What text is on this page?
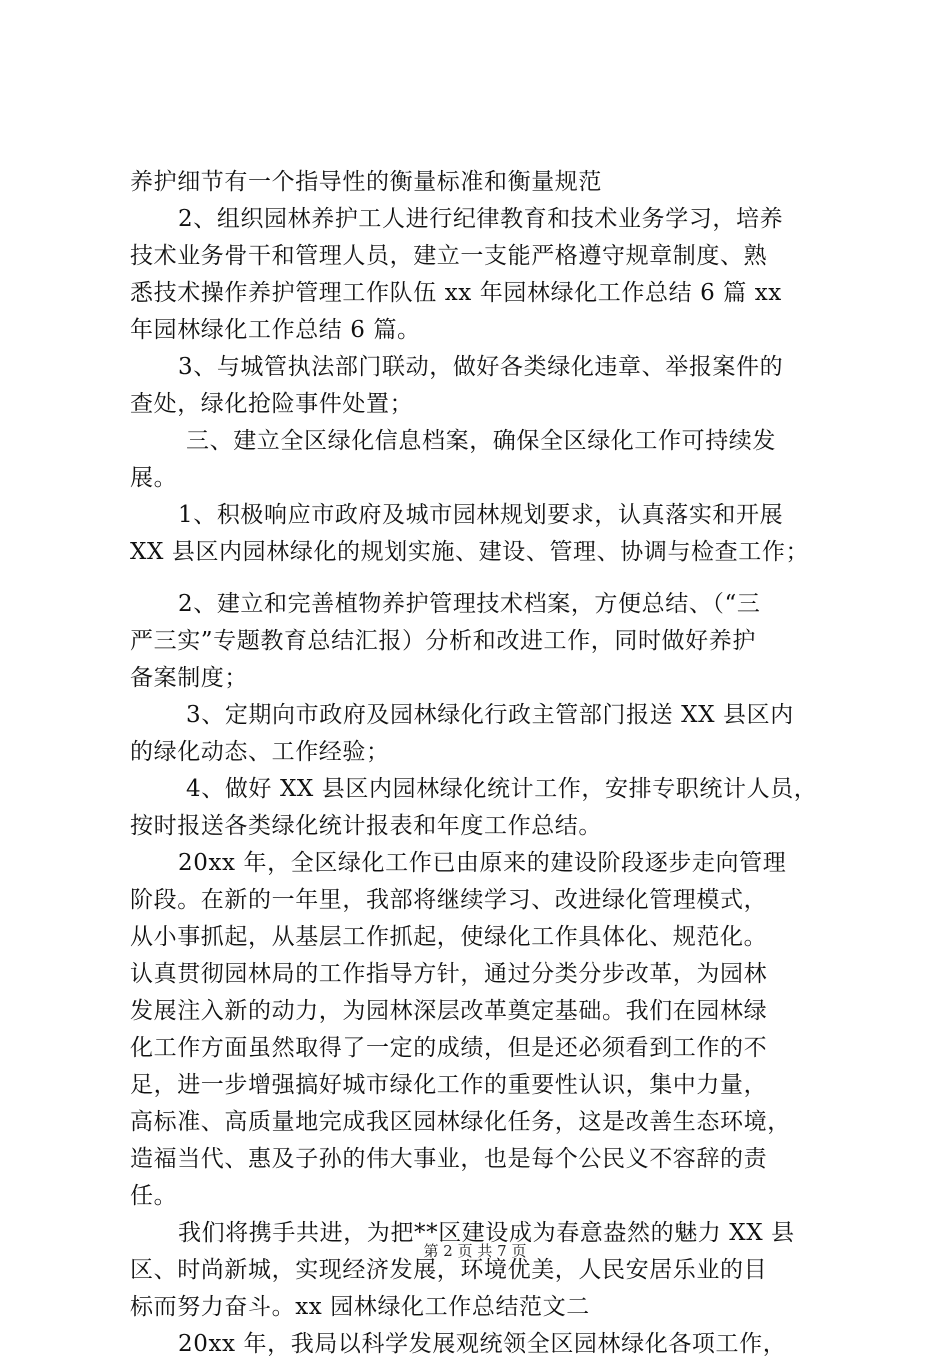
养护细节有一个指导性的衡量标准和衡量规范
2、组织园林养护工人进行纪律教育和技术业务学习，培养
技术业务骨干和管理人员，建立一支能严格遵守规章制度、熟
悉技术操作养护管理工作队伍 xx 年园林绿化工作总结 6 篇 xx
年园林绿化工作总结 6 篇。
3、与城管执法部门联动，做好各类绿化违章、举报案件的
查处，绿化抢险事件处置；
三、建立全区绿化信息档案，确保全区绿化工作可持续发
展。
1、积极响应市政府及城市园林规划要求，认真落实和开展
XX 县区内园林绿化的规划实施、建设、管理、协调与检查工作；
2、建立和完善植物养护管理技术档案，方便总结、（“三
严三实”专题教育总结汇报）分析和改进工作，同时做好养护
备案制度；
3、定期向市政府及园林绿化行政主管部门报送 XX 县区内
的绿化动态、工作经验；
4、做好 XX 县区内园林绿化统计工作，安排专职统计人员，
按时报送各类绿化统计报表和年度工作总结。
20xx 年，全区绿化工作已由原来的建设阶段逐步走向管理
阶段。在新的一年里，我部将继续学习、改进绿化管理模式，
从小事抓起，从基层工作抓起，使绿化工作具体化、规范化。
认真贯彻园林局的工作指导方针，通过分类分步改革，为园林
发展注入新的动力，为园林深层改革奠定基础。我们在园林绿
化工作方面虽然取得了一定的成绩，但是还必须看到工作的不
足，进一步增强搞好城市绿化工作的重要性认识，集中力量，
高标准、高质量地完成我区园林绿化任务，这是改善生态环境，
造福当代、惠及子孙的伟大事业，也是每个公民义不容辞的责
任。
我们将携手共进，为把**区建设成为春意盎然的魅力 XX 县
区、时尚新城，实现经济发展，环境优美，人民安居乐业的目
标而努力奋斗。xx 园林绿化工作总结范文二
20xx 年，我局以科学发展观统领全区园林绿化各项工作，
第 2 页 共 7 页
